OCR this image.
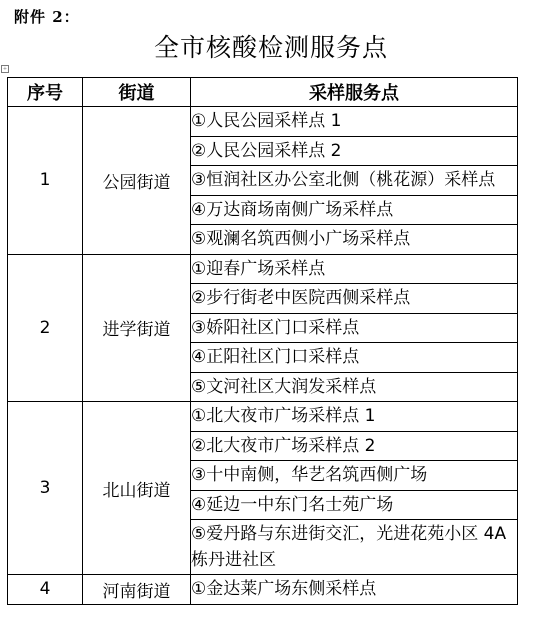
附件 2：
全市核酸检测服务点
+
序号	街道	采样服务点
1	公园街道	①人民公园采样点 1
		②人民公园采样点 2
		③恒润社区办公室北侧（桃花源）采样点
		④万达商场南侧广场采样点
		⑤观澜名筑西侧小广场采样点
2	进学街道	①迎春广场采样点
		②步行街老中医院西侧采样点
		③娇阳社区门口采样点
		④正阳社区门口采样点
		⑤文河社区大润发采样点
3	北山街道	①北大夜市广场采样点 1
		②北大夜市广场采样点 2
		③十中南侧，华艺名筑西侧广场
		④延边一中东门名士苑广场
		⑤爱丹路与东进街交汇，光进花苑小区 4A 栋丹进社区
4	河南街道	①金达莱广场东侧采样点
